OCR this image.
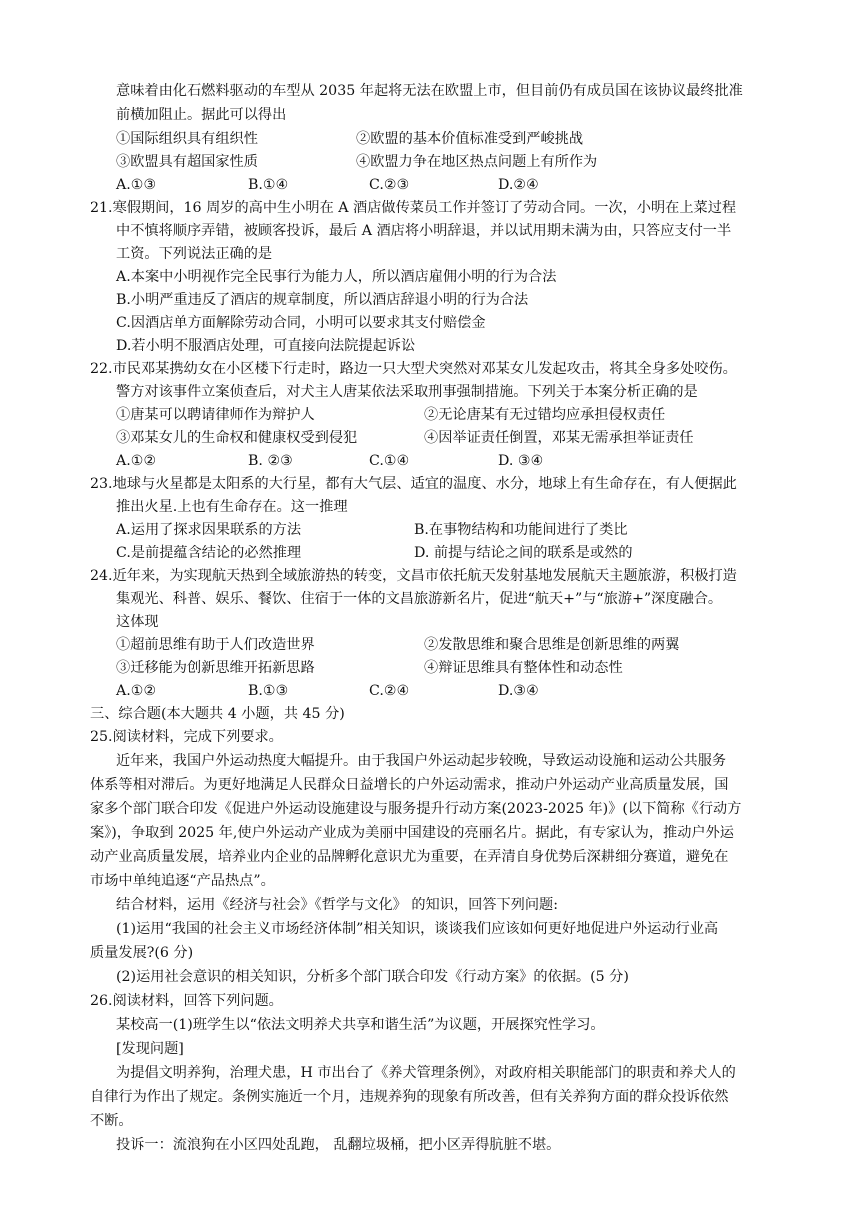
意味着由化石燃料驱动的车型从 2035 年起将无法在欧盟上市，但目前仍有成员国在该协议最终批准
前横加阻止。据此可以得出
①国际组织具有组织性	②欧盟的基本价值标准受到严峻挑战
③欧盟具有超国家性质	④欧盟力争在地区热点问题上有所作为
A.①③	B.①④	C.②③	D.②④
21.寒假期间，16 周岁的高中生小明在 A 酒店做传菜员工作并签订了劳动合同。一次，小明在上菜过程
中不慎将顺序弄错，被顾客投诉，最后 A 酒店将小明辞退，并以试用期未满为由，只答应支付一半
工资。下列说法正确的是
A.本案中小明视作完全民事行为能力人，所以酒店雇佣小明的行为合法
B.小明严重违反了酒店的规章制度，所以酒店辞退小明的行为合法
C.因酒店单方面解除劳动合同，小明可以要求其支付赔偿金
D.若小明不服酒店处理，可直接向法院提起诉讼
22.市民邓某携幼女在小区楼下行走时，路边一只大型犬突然对邓某女儿发起攻击，将其全身多处咬伤。
警方对该事件立案侦查后，对犬主人唐某依法采取刑事强制措施。下列关于本案分析正确的是
①唐某可以聘请律师作为辩护人	②无论唐某有无过错均应承担侵权责任
③邓某女儿的生命权和健康权受到侵犯	④因举证责任倒置，邓某无需承担举证责任
A.①②	B. ②③	C.①④	D. ③④
23.地球与火星都是太阳系的大行星，都有大气层、适宜的温度、水分，地球上有生命存在，有人便据此
推出火星.上也有生命存在。这一推理
A.运用了探求因果联系的方法	B.在事物结构和功能间进行了类比
C.是前提蕴含结论的必然推理	D. 前提与结论之间的联系是或然的
24.近年来，为实现航天热到全域旅游热的转变，文昌市依托航天发射基地发展航天主题旅游，积极打造
集观光、科普、娱乐、餐饮、住宿于一体的文昌旅游新名片，促进“航天+”与“旅游+”深度融合。
这体现
①超前思维有助于人们改造世界	②发散思维和聚合思维是创新思维的两翼
③迁移能为创新思维开拓新思路	④辩证思维具有整体性和动态性
A.①②	B.①③	C.②④	D.③④
三、综合题(本大题共 4 小题，共 45 分)
25.阅读材料，完成下列要求。
近年来，我国户外运动热度大幅提升。由于我国户外运动起步较晚，导致运动设施和运动公共服务
体系等相对滞后。为更好地满足人民群众日益增长的户外运动需求，推动户外运动产业高质量发展，国
家多个部门联合印发《促进户外运动设施建设与服务提升行动方案(2023-2025 年)》(以下简称《行动方
案》)，争取到 2025 年,使户外运动产业成为美丽中国建设的亮丽名片。据此，有专家认为，推动户外运
动产业高质量发展，培养业内企业的品牌孵化意识尤为重要，在弄清自身优势后深耕细分赛道，避免在
市场中单纯追逐“产品热点”。
结合材料，运用《经济与社会》《哲学与文化》 的知识，回答下列问题:
(1)运用“我国的社会主义市场经济体制”相关知识，谈谈我们应该如何更好地促进户外运动行业高
质量发展?(6 分)
(2)运用社会意识的相关知识，分析多个部门联合印发《行动方案》的依据。(5 分)
26.阅读材料，回答下列问题。
某校高一(1)班学生以“依法文明养犬共享和谐生活”为议题，开展探究性学习。
[发现问题]
为提倡文明养狗，治理犬患，H 市出台了《养犬管理条例》，对政府相关职能部门的职责和养犬人的
自律行为作出了规定。条例实施近一个月，违规养狗的现象有所改善，但有关养狗方面的群众投诉依然
不断。
投诉一：流浪狗在小区四处乱跑， 乱翻垃圾桶，把小区弄得肮脏不堪。
